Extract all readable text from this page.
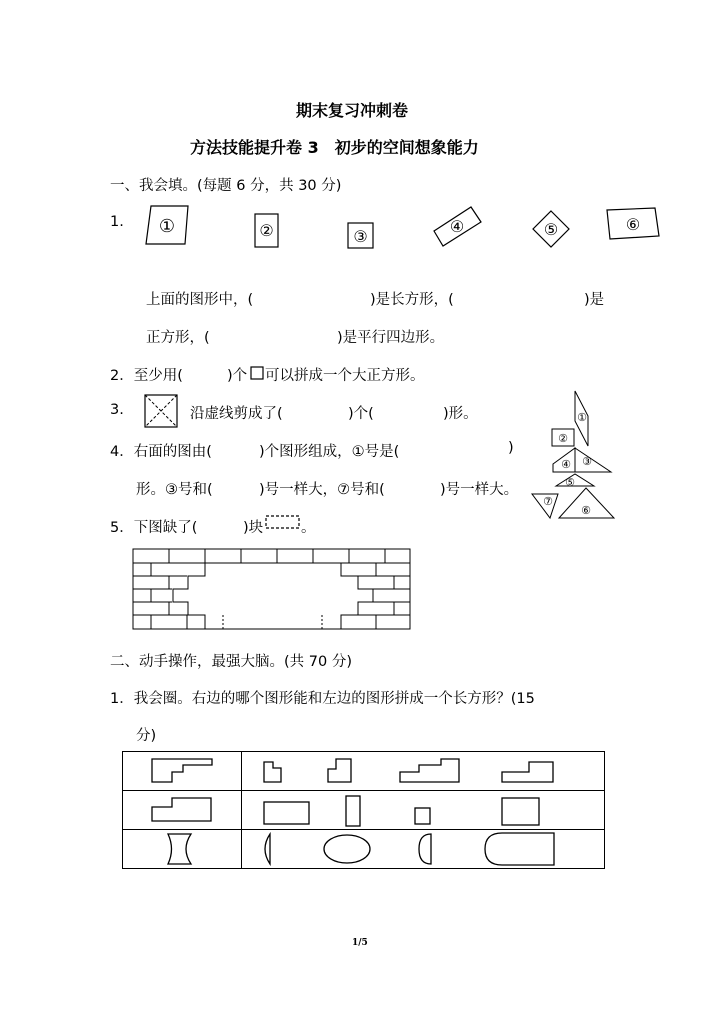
期末复习冲刺卷
方法技能提升卷 3　初步的空间想象能力
一、我会填。(每题 6 分，共 30 分)
1. ①	②	③
④	⑤	⑥
上面的图形中，(	)是长方形，(	)是
正方形，(	)是平行四边形。
2．至少用(	)个 可以拼成一个大正方形。
3.	沿虚线剪成了(	)个(	)形。
4．右面的图由(	)个图形组成，①号是(	)
形。③号和(	)号一样大，⑦号和(	)号一样大。
①
②
③
④
⑤
⑥
⑦
5．下图缺了(	)块	。
二、动手操作，最强大脑。(共 70 分)
1．我会圈。右边的哪个图形能和左边的图形拼成一个长方形？(15
分)

1/5
